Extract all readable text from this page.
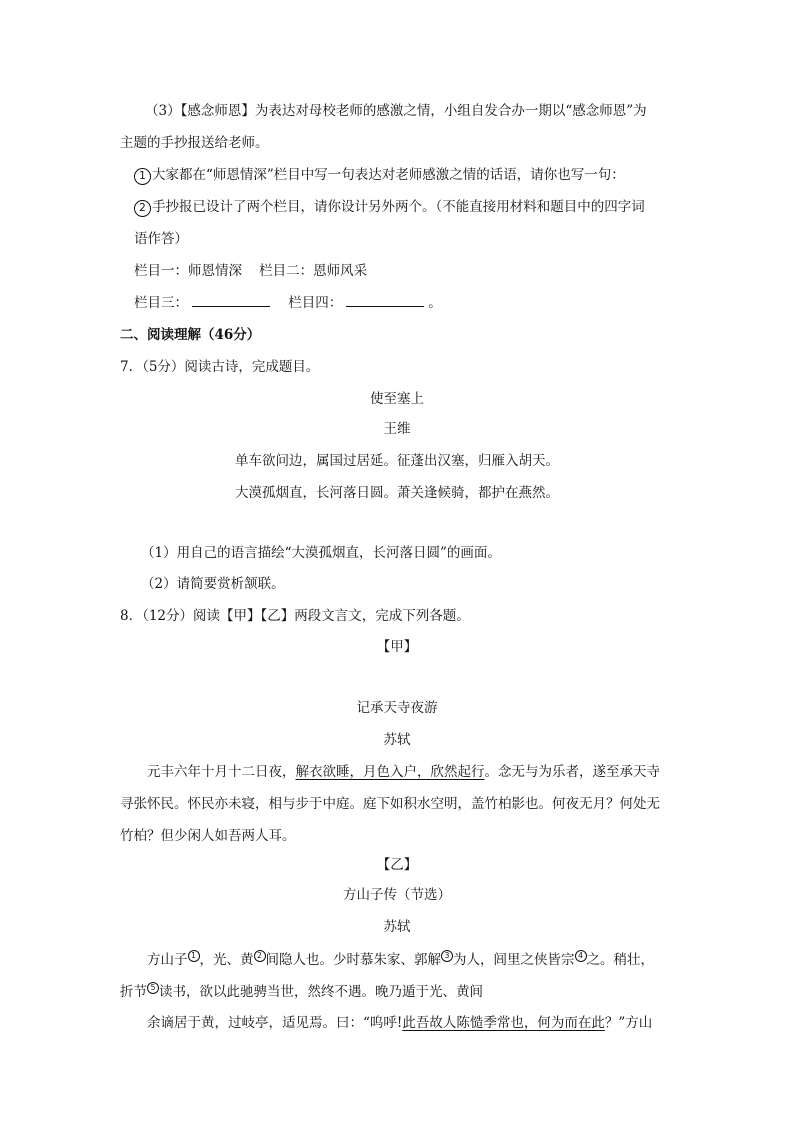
（3）【感念师恩】为表达对母校老师的感激之情，小组自发合办一期以“感念师恩”为
主题的手抄报送给老师。
1 大家都在“师恩情深”栏目中写一句表达对老师感激之情的话语，请你也写一句：
2 手抄报已设计了两个栏目，请你设计另外两个。（不能直接用材料和题目中的四字词
语作答）
栏目一：师恩情深    栏目二：恩师风采
栏目三：	栏目四：	。
二、阅读理解（46分）
7．（5分）阅读古诗，完成题目。
使至塞上
王维
单车欲问边，属国过居延。征蓬出汉塞，归雁入胡天。
大漠孤烟直，长河落日圆。萧关逢候骑，都护在燕然。
（1）用自己的语言描绘“大漠孤烟直，长河落日圆”的画面。
（2）请简要赏析颔联。
8．（12分）阅读【甲】【乙】两段文言文，完成下列各题。
【甲】
记承天寺夜游
苏轼
元丰六年十月十二日夜，解衣欲睡，月色入户，欣然起行。念无与为乐者，遂至承天寺
寻张怀民。怀民亦未寝，相与步于中庭。庭下如积水空明，盖竹柏影也。何夜无月？何处无
竹柏？但少闲人如吾两人耳。
【乙】
方山子传（节选）
苏轼
方山子 1 ，光、黄 2 间隐人也。少时慕朱家、郭解 3 为人，闾里之侠皆宗 4 之。稍壮，
折节 5 读书，欲以此驰骋当世，然终不遇。晚乃遁于光、黄间
余谪居于黄，过岐亭，适见焉。曰：“呜呼!此吾故人陈慥季常也，何为而在此？”方山
